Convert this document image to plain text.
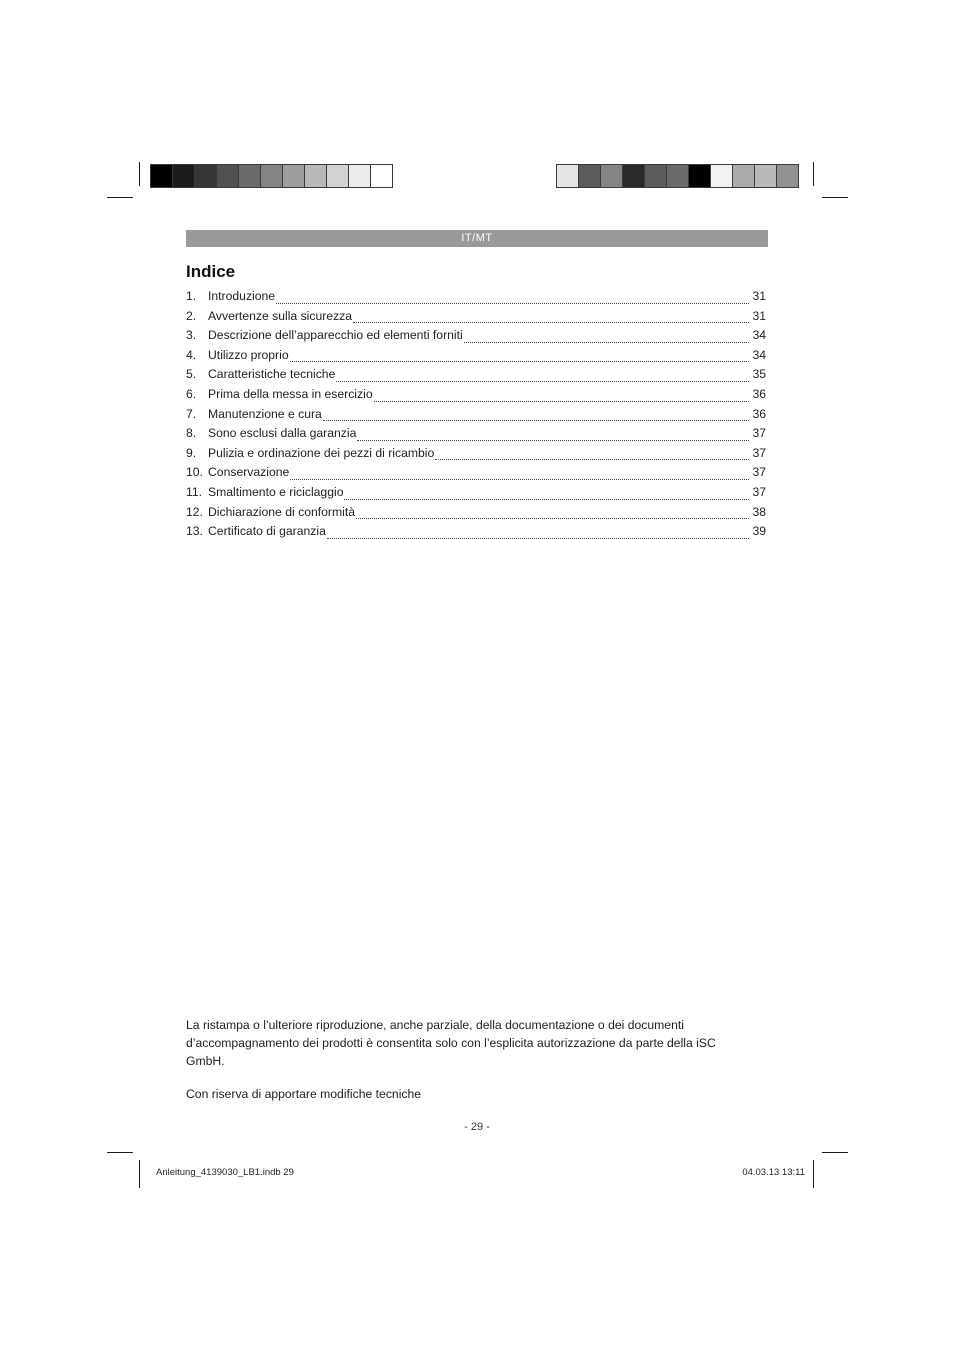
IT/MT
Indice
1. Introduzione	31
2. Avvertenze sulla sicurezza	31
3. Descrizione dell’apparecchio ed elementi forniti	34
4. Utilizzo proprio	34
5. Caratteristiche tecniche	35
6. Prima della messa in esercizio	36
7. Manutenzione e cura	36
8. Sono esclusi dalla garanzia	37
9. Pulizia e ordinazione dei pezzi di ricambio	37
10. Conservazione	37
11. Smaltimento e riciclaggio	37
12. Dichiarazione di conformità	38
13. Certificato di garanzia	39

La ristampa o l’ulteriore riproduzione, anche parziale, della documentazione o dei documenti d’accompagnamento dei prodotti è consentita solo con l’esplicita autorizzazione da parte della iSC GmbH.

Con riserva di apportare modifiche tecniche

- 29 -
Anleitung_4139030_LB1.indb 29	04.03.13 13:11
